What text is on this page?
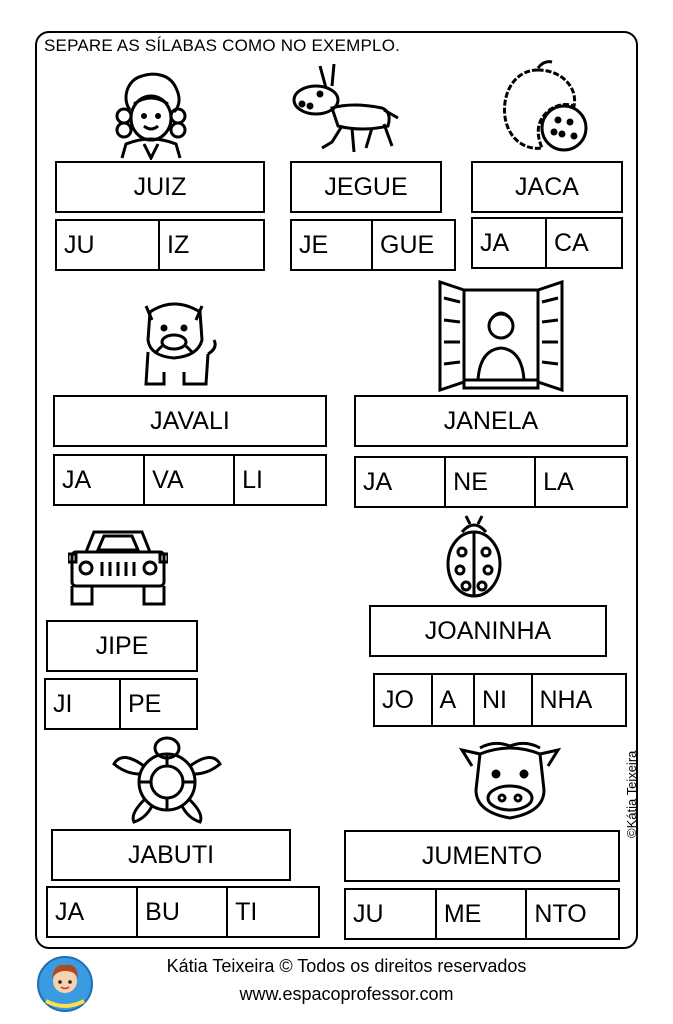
SEPARE AS SÍLABAS COMO NO EXEMPLO.
JUIZ
JU	IZ
JEGUE
JE	GUE
JACA
JA	CA
JAVALI
JA	VA	LI
JANELA
JA	NE	LA
JIPE
JI	PE
JOANINHA
JO	A	NI	NHA
JABUTI
JA	BU	TI
JUMENTO
JU	ME	NTO
©Kátia Teixeira
Kátia Teixeira © Todos os direitos reservados
www.espacoprofessor.com
